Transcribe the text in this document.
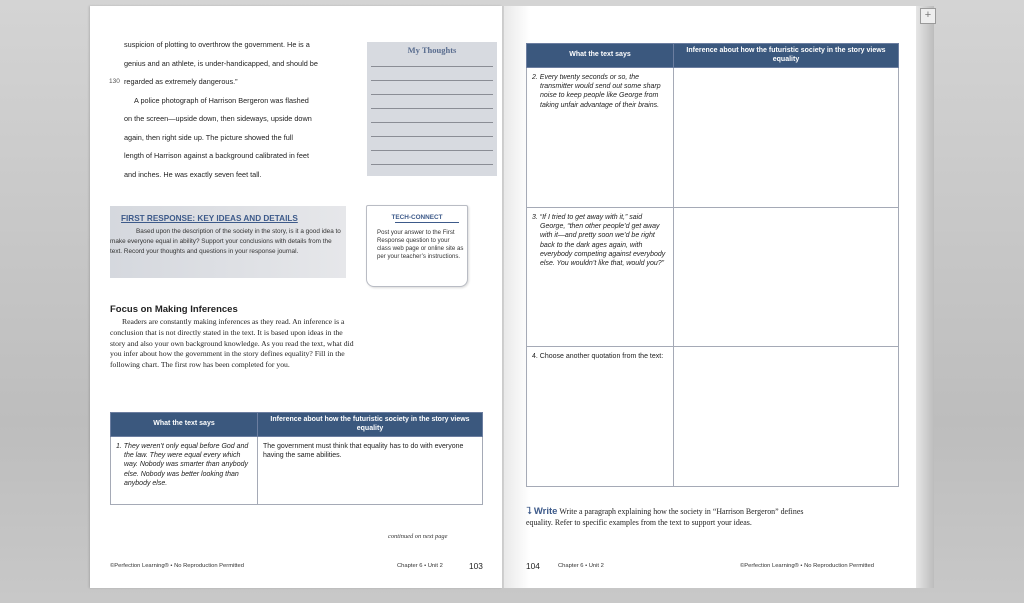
suspicion of plotting to overthrow the government. He is a

genius and an athlete, is under-handicapped, and should be

130 regarded as extremely dangerous.”

A police photograph of Harrison Bergeron was flashed

on the screen—upside down, then sideways, upside down

again, then right side up. The picture showed the full

length of Harrison against a background calibrated in feet

and inches. He was exactly seven feet tall.

My Thoughts
FIRST RESPONSE: KEY IDEAS AND DETAILS
Based upon the description of the society in the story, is it a good idea to make everyone equal in ability? Support your conclusions with details from the text. Record your thoughts and questions in your response journal.
TECH-CONNECT
Post your answer to the First Response question to your class web page or online site as per your teacher’s instructions.
Focus on Making Inferences
Readers are constantly making inferences as they read. An inference is a conclusion that is not directly stated in the text. It is based upon ideas in the story and also your own background knowledge. As you read the text, what did you infer about how the government in the story defines equality? Fill in the following chart. The first row has been completed for you.
What the text says	Inference about how the futuristic society in the story views equality
1. They weren’t only equal before God and the law. They were equal every which way. Nobody was smarter than anybody else. Nobody was better looking than anybody else.	The government must think that equality has to do with everyone having the same abilities.
continued on next page
©Perfection Learning® • No Reproduction Permitted	Chapter 6 • Unit 2	103
What the text says	Inference about how the futuristic society in the story views equality
2. Every twenty seconds or so, the transmitter would send out some sharp noise to keep people like George from taking unfair advantage of their brains.	
3. “If I tried to get away with it,” said George, “then other people’d get away with it—and pretty soon we’d be right back to the dark ages again, with everybody competing against everybody else. You wouldn’t like that, would you?”	
4. Choose another quotation from the text:	
⮧ Write Write a paragraph explaining how the society in “Harrison Bergeron” defines equality. Refer to specific examples from the text to support your ideas.
104	Chapter 6 • Unit 2	©Perfection Learning® • No Reproduction Permitted
+
